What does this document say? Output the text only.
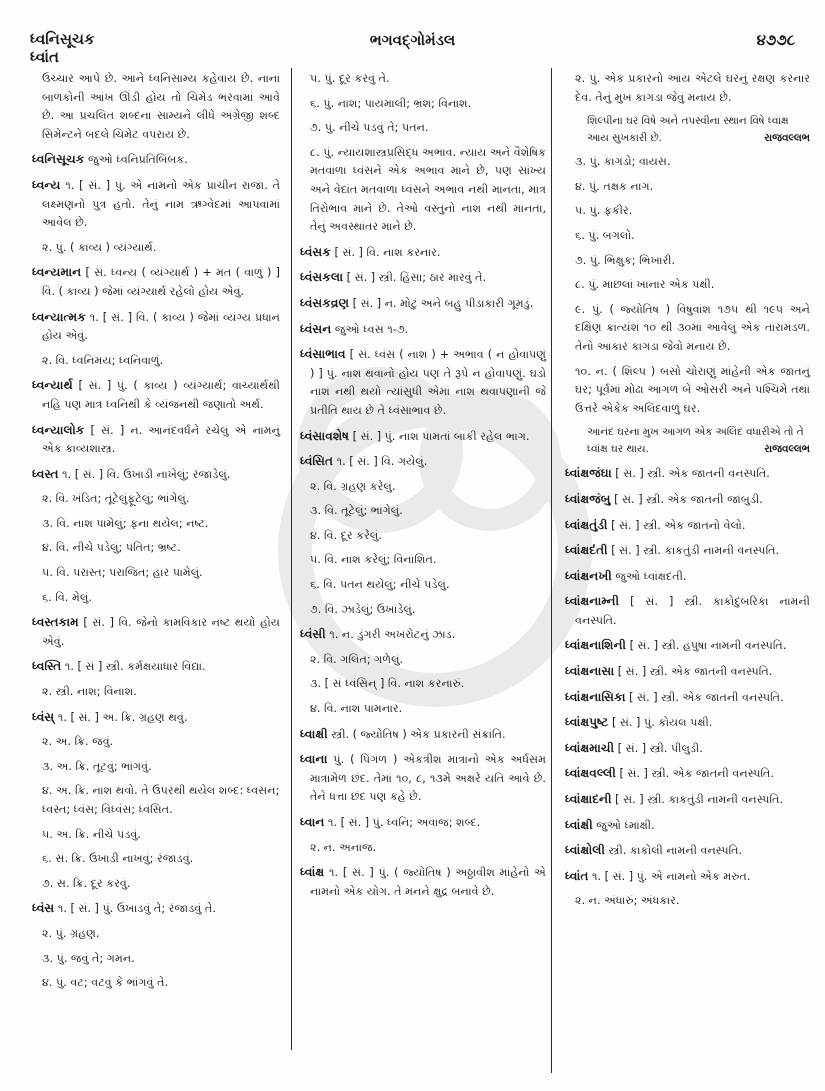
ધ્વનિસૂચક
ધ્વાંત
ભગવદ્ગોમંડલ	૪૭૭૮
ઉચ્ચાર આપે છે. આને ધ્વનિસામ્ય કહેવાય છે. નાનાં બાળકોની આંખ ઊંડી હોય તો ચિમેડ ભરવામાં આવે છે. આ પ્રચલિત શબ્દના સામ્યને લીધે અંગ્રેજી શબ્દ સિમેન્ટને બદલે ચિમેટ વપરાય છે.
ધ્વનિસૂચક જુઓ ધ્વનિપ્રતિબિંબક.
ધ્વન્ય ૧. [ સં. ] પું. એ નામનો એક પ્રાચીન રાજા. તે લક્ષ્મણનો પુત્ર હતો. તેનું નામ ઋગ્વેદમાં આપવામાં આવેલ છે.
૨. પું. ( કાવ્ય ) વ્યંગ્યાર્થ.
ધ્વન્યમાન [ સં. ધ્વન્ય ( વ્યંગ્યાર્થ ) + મત ( વાળું ) ] વિ. ( કાવ્ય ) જેમાં વ્યંગ્યાર્થ રહેલો હોય એવું.
ધ્વન્યાત્મક ૧. [ સં. ] વિ. ( કાવ્ય ) જેમાં વ્યંગ્ય પ્રધાન હોય એવું.
૨. વિ. ધ્વનિમય; ધ્વનિવાળું.
ધ્વન્યાર્થ [ સં. ] પું. ( કાવ્ય ) વ્યંગ્યાર્થ; વાચ્યાર્થથી નહિ પણ માત્ર ધ્વનિથી કે વ્યંજનથી જણાતો અર્થ.
ધ્વન્યાલોક [ સં. ] ન. આનંદવર્ધને રચેલું એ નામનું એક કાવ્યશાસ્ત્ર.
ધ્વસ્ત ૧. [ સં. ] વિ. ઉખાડી નાખેલું; રંજાડેલું.
૨. વિ. ખંડિત; તૂટેલુંફૂટેલું; ભાંગેલું.
૩. વિ. નાશ પામેલું; ફના થયેલ; નષ્ટ.
૪. વિ. નીચે પડેલું; પતિત; ભ્રષ્ટ.
૫. વિ. પરાસ્ત; પરાજિત; હાર પામેલું.
૬. વિ. મેલું.
ધ્વસ્તકામ [ સં. ] વિ. જેનો કામવિકાર નષ્ટ થયો હોય એવું.
ધ્વસ્તિ ૧. [ સં ] સ્ત્રી. કર્મક્ષયાધાર વિદ્યા.
૨. સ્ત્રી. નાશ; વિનાશ.
ધ્વંસ્ ૧. [ સં. ] અ. ક્રિ. ગ્રહણ થવું.
૨. અ. ક્રિ. જવું.
૩. અ. ક્રિ. તૂટવું; ભાંગવું.
૪. અ. ક્રિ. નાશ થવો. તે ઉપરથી થયેલ શબ્દ: ધ્વસન; ધ્વસ્ત; ધ્વંસ; વિધ્વંસ; ધ્વંસિત.
૫. અ. ક્રિ. નીચે પડવું.
૬. સ. ક્રિ. ઉખાડી નાખવું; રંજાડવું.
૭. સ. ક્રિ. દૂર કરવું.
ધ્વંસ ૧. [ સં. ] પું. ઉખાડવું તે; રંજાડવું તે.
૨. પું. ગ્રહણ.
૩. પું. જવું તે; ગમન.
૪. પું. વટ; વટવું કે ભાંગવું તે.
૫. પું. દૂર કરવું તે.
૬. પું. નાશ; પાયમાલી; ભ્રંશ; વિનાશ.
૭. પું. નીચે પડવું તે; પતન.
૮. પું. ન્યાયશાસ્ત્રપ્રસિદ્ધ અભાવ. ન્યાય અને વૈશેષિક મતવાળા ધ્વંસને એક અભાવ માને છે, પણ સાંખ્ય અને વેદાંત મતવાળા ધ્વંસને અભાવ નથી માનતા, માત્ર તિરોભાવ માને છે. તેઓ વસ્તુનો નાશ નથી માનતા, તેનું અવસ્થાંતર માને છે.
ધ્વંસક [ સં. ] વિ. નાશ કરનાર.
ધ્વંસકલા [ સં. ] સ્ત્રી. હિંસા; ઠાર મારવું તે.
ધ્વંસકવ્રણ [ સં. ] ન. મોટું અને બહુ પીડાકારી ગૂમડું.
ધ્વંસન જુઓ ધ્વસ ૧-૭.
ધ્વંસાભાવ [ સં. ધ્વંસ ( નાશ ) + અભાવ ( ન હોવાપણું ) ] પું. નાશ થવાનો હોય પણ તે રૂપે ન હોવાપણું. ઘડો નાશ નથી થયો ત્યાંસુધી એમાં નાશ થવાપણાની જે પ્રતીતિ થાય છે તે ધ્વંસાભાવ છે.
ધ્વંસાવશેષ [ સં. ] પું. નાશ પામતાં બાકી રહેલ ભાગ.
ધ્વંસિત ૧. [ સં. ] વિ. ગયેલું.
૨. વિ. ગ્રહણ કરેલું.
૩. વિ. તૂટેલું; ભાંગેલું.
૪. વિ. દૂર કરેલું.
૫. વિ. નાશ કરેલું; વિનાશિત.
૬. વિ. પતન થયેલું; નીચે પડેલું.
૭. વિ. ઝાડેલું; ઉખાડેલું.
ધ્વંસી ૧. ન. ડુંગરી અખરોટનું ઝાડ.
૨. વિ. ગલિત; ગળેલું.
૩. [ સં ધ્વંસિન્ ] વિ. નાશ કરનારું.
૪. વિ. નાશ પામનાર.
ધ્વાક્ષી સ્ત્રી. ( જ્યોતિષ ) એક પ્રકારની સંક્રાંતિ.
ધ્વાના પું. ( પિંગળ ) એકત્રીશ માત્રાનો એક અર્ધસમ માત્રામેળ છંદ. તેમાં ૧૦, ૮, ૧૩મે અક્ષરે યતિ આવે છે. તેને ધત્તા છંદ પણ કહે છે.
ધ્વાન ૧. [ સં. ] પું. ધ્વનિ; અવાજ; શબ્દ.
૨. ન. અનાજ.
ધ્વાંક્ષ ૧. [ સં. ] પું. ( જ્યોતિષ ) અઠ્ઠાવીશ માંહેનો એ નામનો એક યોગ. તે મનને ક્ષુદ્ર બનાવે છે.
૨. પું. એક પ્રકારનો આય એટલે ઘરનું રક્ષણ કરનાર દેવ. તેનું મુખ કાગડા જેવું મનાય છે.
શિલ્પીના ઘર વિષે અને તપસ્વીના સ્થાન વિષે ધ્વાંક્ષ આય સુખકારી છે.	રાજવલ્લભ
૩. પું. કાગડો; વાયસ.
૪. પું. તક્ષક નાગ.
૫. પું. ફકીર.
૬. પું. બગલો.
૭. પું. ભિક્ષુક; ભિખારી.
૮. પું. માછલાં ખાનાર એક પક્ષી.
૯. પું. ( જ્યોતિષ ) વિષુવાંશ ૧૭૫ થી ૧૯૫ અને દક્ષિણ ક્રાંત્યંશ ૧૦ થી ૩૦માં આવેલું એક તારામંડળ. તેનો આકાર કાગડા જેવો મનાય છે.
૧૦. ન. ( શિલ્પ ) બસો ચોરાણું માંહેની એક જાતનું ઘર; પૂર્વમાં મોઢા આગળ બે ઓસરી અને પશ્ચિમે તથા ઉત્તરે એકેક અલિંદવાળું ઘર.
આનંદ ઘરના મુખ આગળ એક અલિંદ વધારીએ તો તે ધ્વાંક્ષ ઘર થાય.	રાજવલ્લભ
ધ્વાંક્ષજંઘા [ સં. ] સ્ત્રી. એક જાતની વનસ્પતિ.
ધ્વાંક્ષજંબુ [ સં. ] સ્ત્રી. એક જાતની જાંબુડી.
ધ્વાંક્ષતુંડી [ સં. ] સ્ત્રી. એક જાતનો વેલો.
ધ્વાંક્ષદંતી [ સં. ] સ્ત્રી. કાકતુંડી નામની વનસ્પતિ.
ધ્વાંક્ષનખી જુઓ ધ્વાંક્ષદંતી.
ધ્વાંક્ષનામ્ની [ સં. ] સ્ત્રી. કાકોદુંબરિકા નામની વનસ્પતિ.
ધ્વાંક્ષનાશિની [ સં. ] સ્ત્રી. હપુષા નામની વનસ્પતિ.
ધ્વાંક્ષનાસા [ સં. ] સ્ત્રી. એક જાતની વનસ્પતિ.
ધ્વાંક્ષનાસિકા [ સં. ] સ્ત્રી. એક જાતની વનસ્પતિ.
ધ્વાંક્ષપુષ્ટ [ સં. ] પું. કોયલ પક્ષી.
ધ્વાંક્ષમાચી [ સં. ] સ્ત્રી. પીલુડી.
ધ્વાંક્ષવલ્લી [ સં. ] સ્ત્રી. એક જાતની વનસ્પતિ.
ધ્વાંક્ષાદની [ સં. ] સ્ત્રી. કાકતુંડી નામની વનસ્પતિ.
ધ્વાંક્ષી જુઓ ધ્માંક્ષી.
ધ્વાંક્ષોલી સ્ત્રી. કાકોલી નામની વનસ્પતિ.
ધ્વાંત ૧. [ સં. ] પું. એ નામનો એક મરુત.
૨. ન. અંધારું; અંધકાર.
